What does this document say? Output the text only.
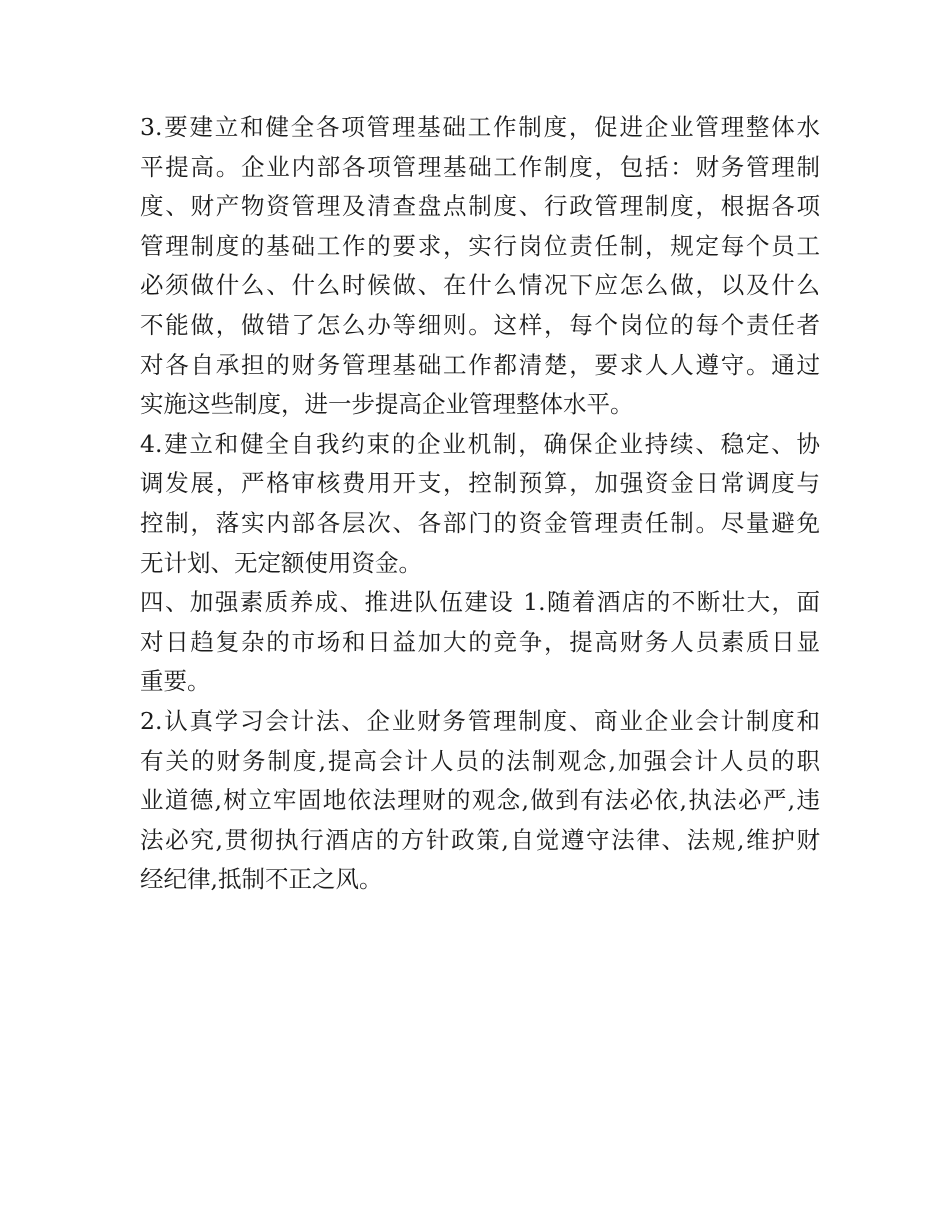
3.要建立和健全各项管理基础工作制度，促进企业管理整体水
平提高。企业内部各项管理基础工作制度，包括：财务管理制
度、财产物资管理及清查盘点制度、行政管理制度，根据各项
管理制度的基础工作的要求，实行岗位责任制，规定每个员工
必须做什么、什么时候做、在什么情况下应怎么做，以及什么
不能做，做错了怎么办等细则。这样，每个岗位的每个责任者
对各自承担的财务管理基础工作都清楚，要求人人遵守。通过
实施这些制度，进一步提高企业管理整体水平。
4.建立和健全自我约束的企业机制，确保企业持续、稳定、协
调发展，严格审核费用开支，控制预算，加强资金日常调度与
控制，落实内部各层次、各部门的资金管理责任制。尽量避免
无计划、无定额使用资金。
四、加强素质养成、推进队伍建设 1.随着酒店的不断壮大，面
对日趋复杂的市场和日益加大的竞争，提高财务人员素质日显
重要。
2.认真学习会计法、企业财务管理制度、商业企业会计制度和
有关的财务制度,提高会计人员的法制观念,加强会计人员的职
业道德,树立牢固地依法理财的观念,做到有法必依,执法必严,违
法必究,贯彻执行酒店的方针政策,自觉遵守法律、法规,维护财
经纪律,抵制不正之风。
